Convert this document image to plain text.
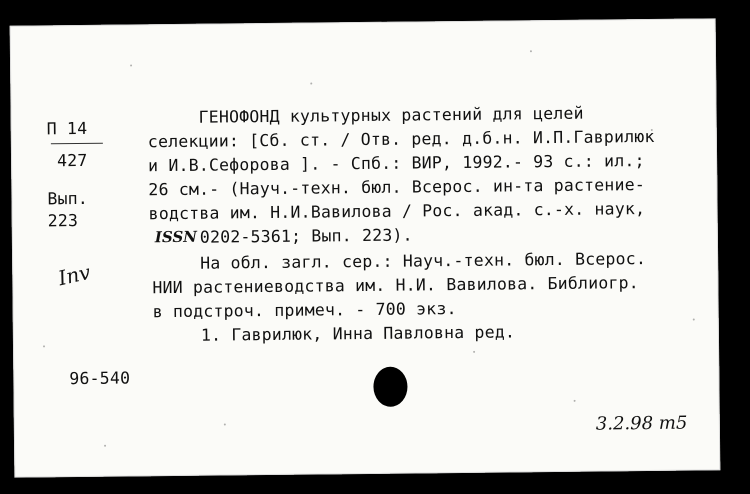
П 14
427
Вып.
223
Inv
96-540
ГЕНОФОНД культурных растений для целей
селекции: [Сб. ст. / Отв. ред. д.б.н. И.П.Гаврилюк
и И.В.Сефорова ]. - Спб.: ВИР, 1992.- 93 с.: ил.;
26 см.- (Науч.-техн. бюл. Всерос. ин-та растение-
водства им. Н.И.Вавилова / Рос. акад. с.-х. наук,
ISSN 0202-5361; Вып. 223).
На обл. загл. сер.: Науч.-техн. бюл. Всерос.
НИИ растениеводства им. Н.И. Вавилова. Библиогр.
в подстроч. примеч. - 700 экз.
1. Гаврилюк, Инна Павловна ред.
3.2.98 т5
